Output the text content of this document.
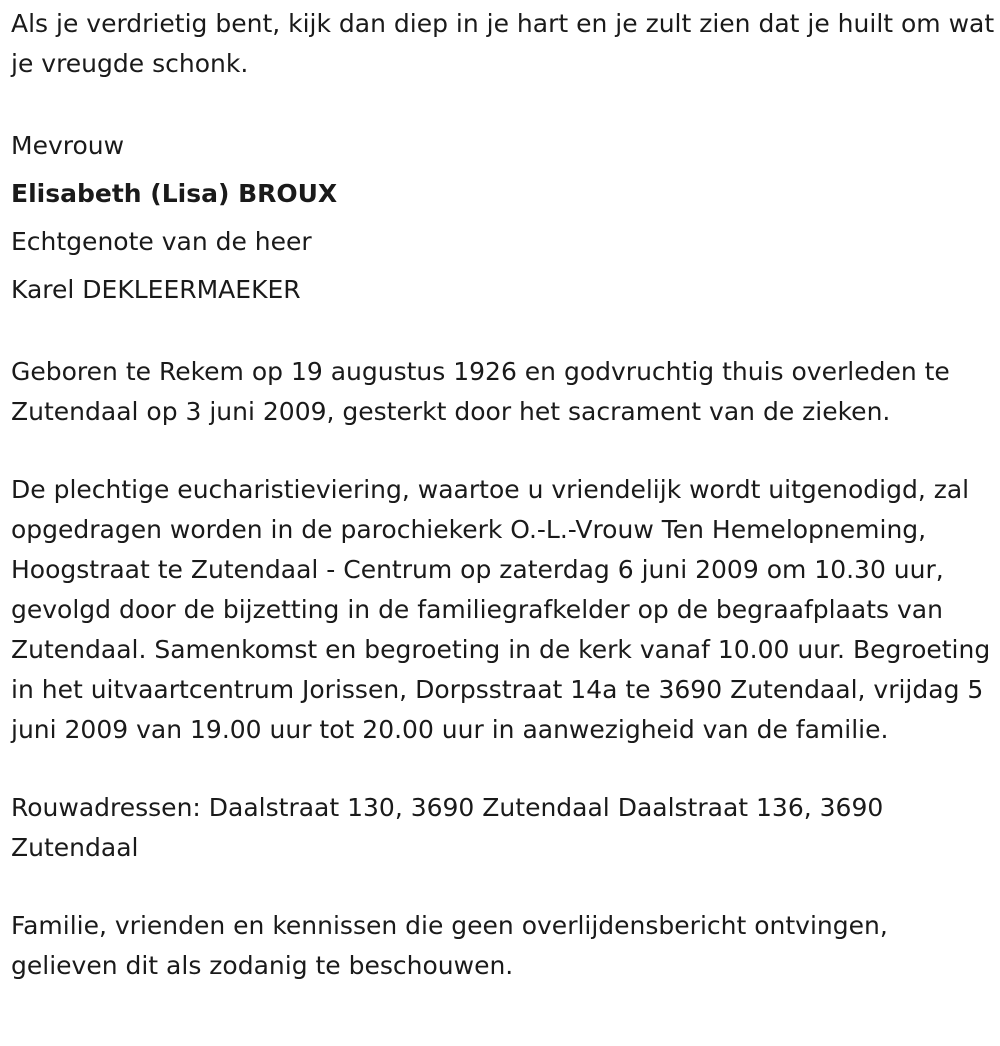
Als je verdrietig bent, kijk dan diep in je hart en je zult zien dat je huilt om wat je vreugde schonk.

Mevrouw

Elisabeth (Lisa) BROUX

Echtgenote van de heer

Karel DEKLEERMAEKER

Geboren te Rekem op 19 augustus 1926 en godvruchtig thuis overleden te Zutendaal op 3 juni 2009, gesterkt door het sacrament van de zieken.

De plechtige eucharistieviering, waartoe u vriendelijk wordt uitgenodigd, zal opgedragen worden in de parochiekerk O.-L.-Vrouw Ten Hemelopneming, Hoogstraat te Zutendaal - Centrum op zaterdag 6 juni 2009 om 10.30 uur, gevolgd door de bijzetting in de familiegrafkelder op de begraafplaats van Zutendaal. Samenkomst en begroeting in de kerk vanaf 10.00 uur. Begroeting in het uitvaartcentrum Jorissen, Dorpsstraat 14a te 3690 Zutendaal, vrijdag 5 juni 2009 van 19.00 uur tot 20.00 uur in aanwezigheid van de familie.

Rouwadressen: Daalstraat 130, 3690 Zutendaal Daalstraat 136, 3690 Zutendaal

Familie, vrienden en kennissen die geen overlijdensbericht ontvingen, gelieven dit als zodanig te beschouwen.
